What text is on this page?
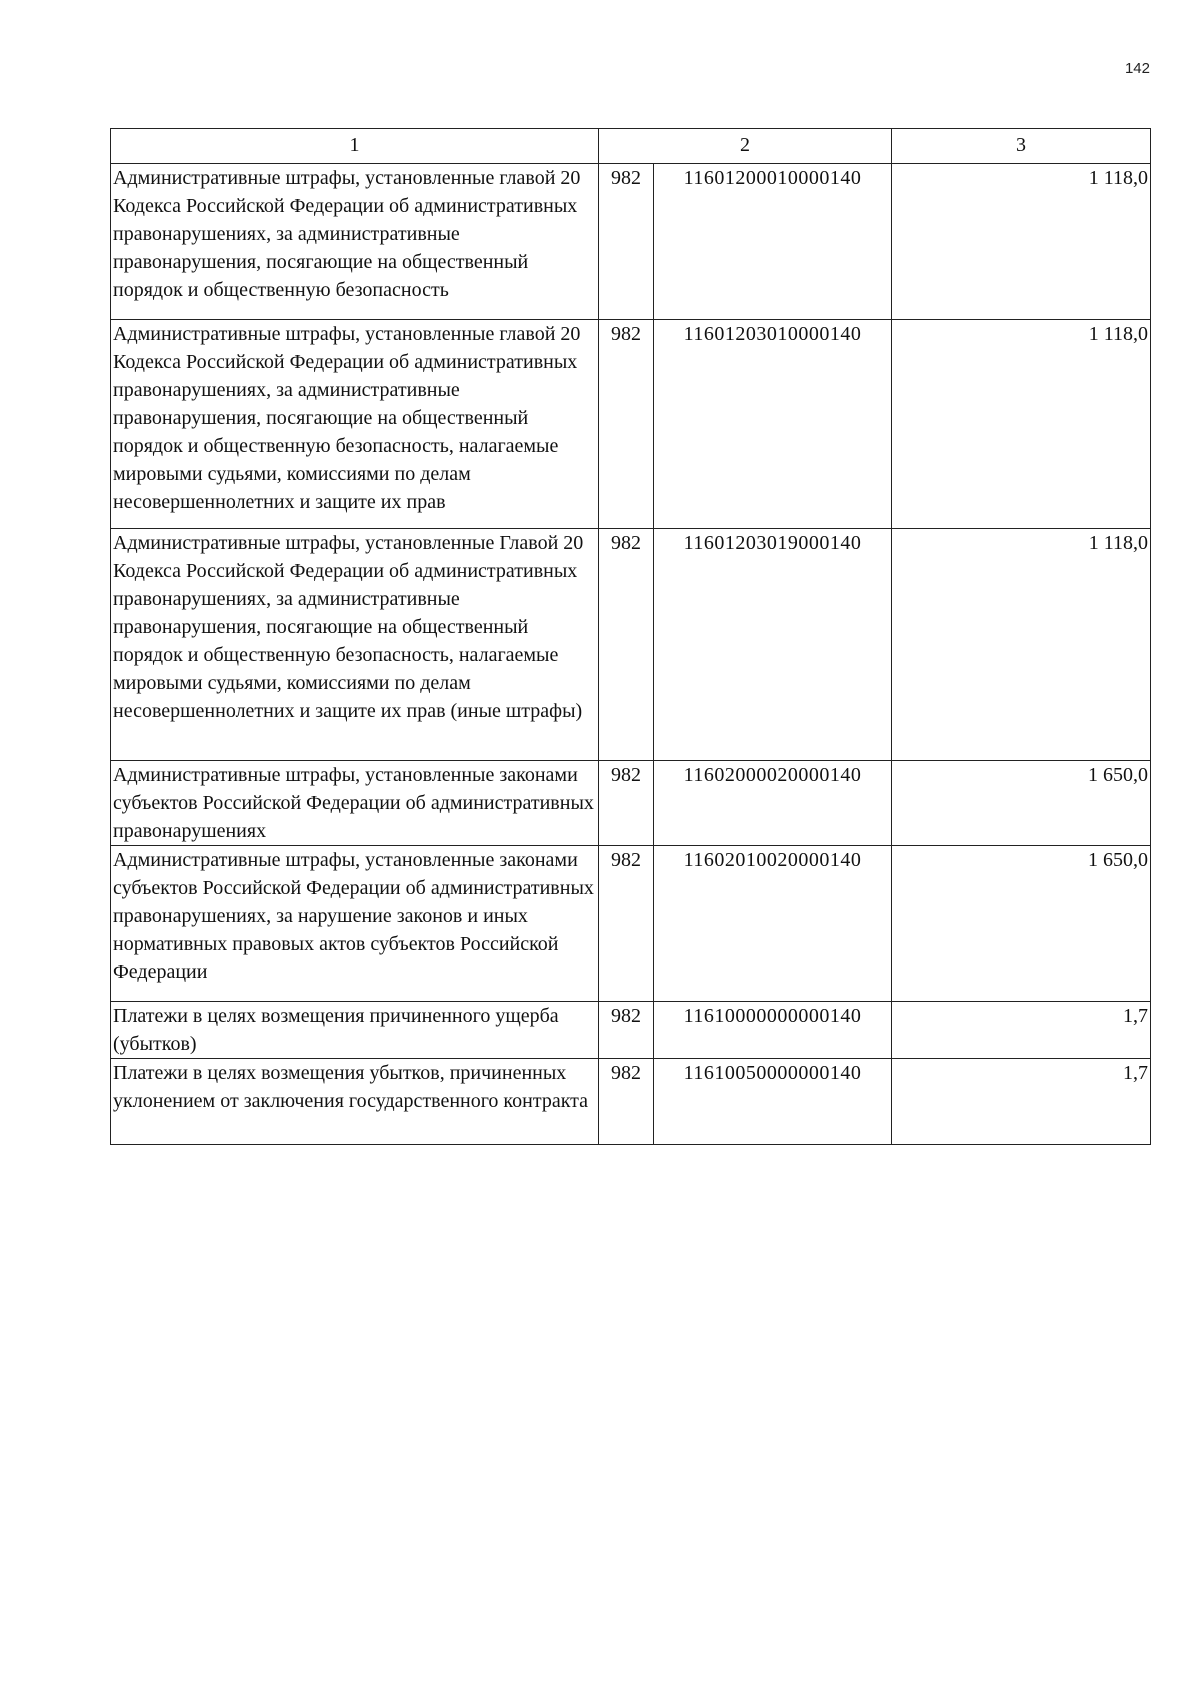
142
1	2		3
Административные штрафы, установленные главой 20 Кодекса Российской Федерации об административных правонарушениях, за административные правонарушения, посягающие на общественный порядок и общественную безопасность	982	11601200010000140	1 118,0
Административные штрафы, установленные главой 20 Кодекса Российской Федерации об административных правонарушениях, за административные правонарушения, посягающие на общественный порядок и общественную безопасность, налагаемые мировыми судьями, комиссиями по делам несовершеннолетних и защите их прав	982	11601203010000140	1 118,0
Административные штрафы, установленные Главой 20 Кодекса Российской Федерации об административных правонарушениях, за административные правонарушения, посягающие на общественный порядок и общественную безопасность, налагаемые мировыми судьями, комиссиями по делам несовершеннолетних и защите их прав (иные штрафы)	982	11601203019000140	1 118,0
Административные штрафы, установленные законами субъектов Российской Федерации об административных правонарушениях	982	11602000020000140	1 650,0
Административные штрафы, установленные законами субъектов Российской Федерации об административных правонарушениях, за нарушение законов и иных нормативных правовых актов субъектов Российской Федерации	982	11602010020000140	1 650,0
Платежи в целях возмещения причиненного ущерба (убытков)	982	11610000000000140	1,7
Платежи в целях возмещения убытков, причиненных уклонением от заключения государственного контракта	982	11610050000000140	1,7
